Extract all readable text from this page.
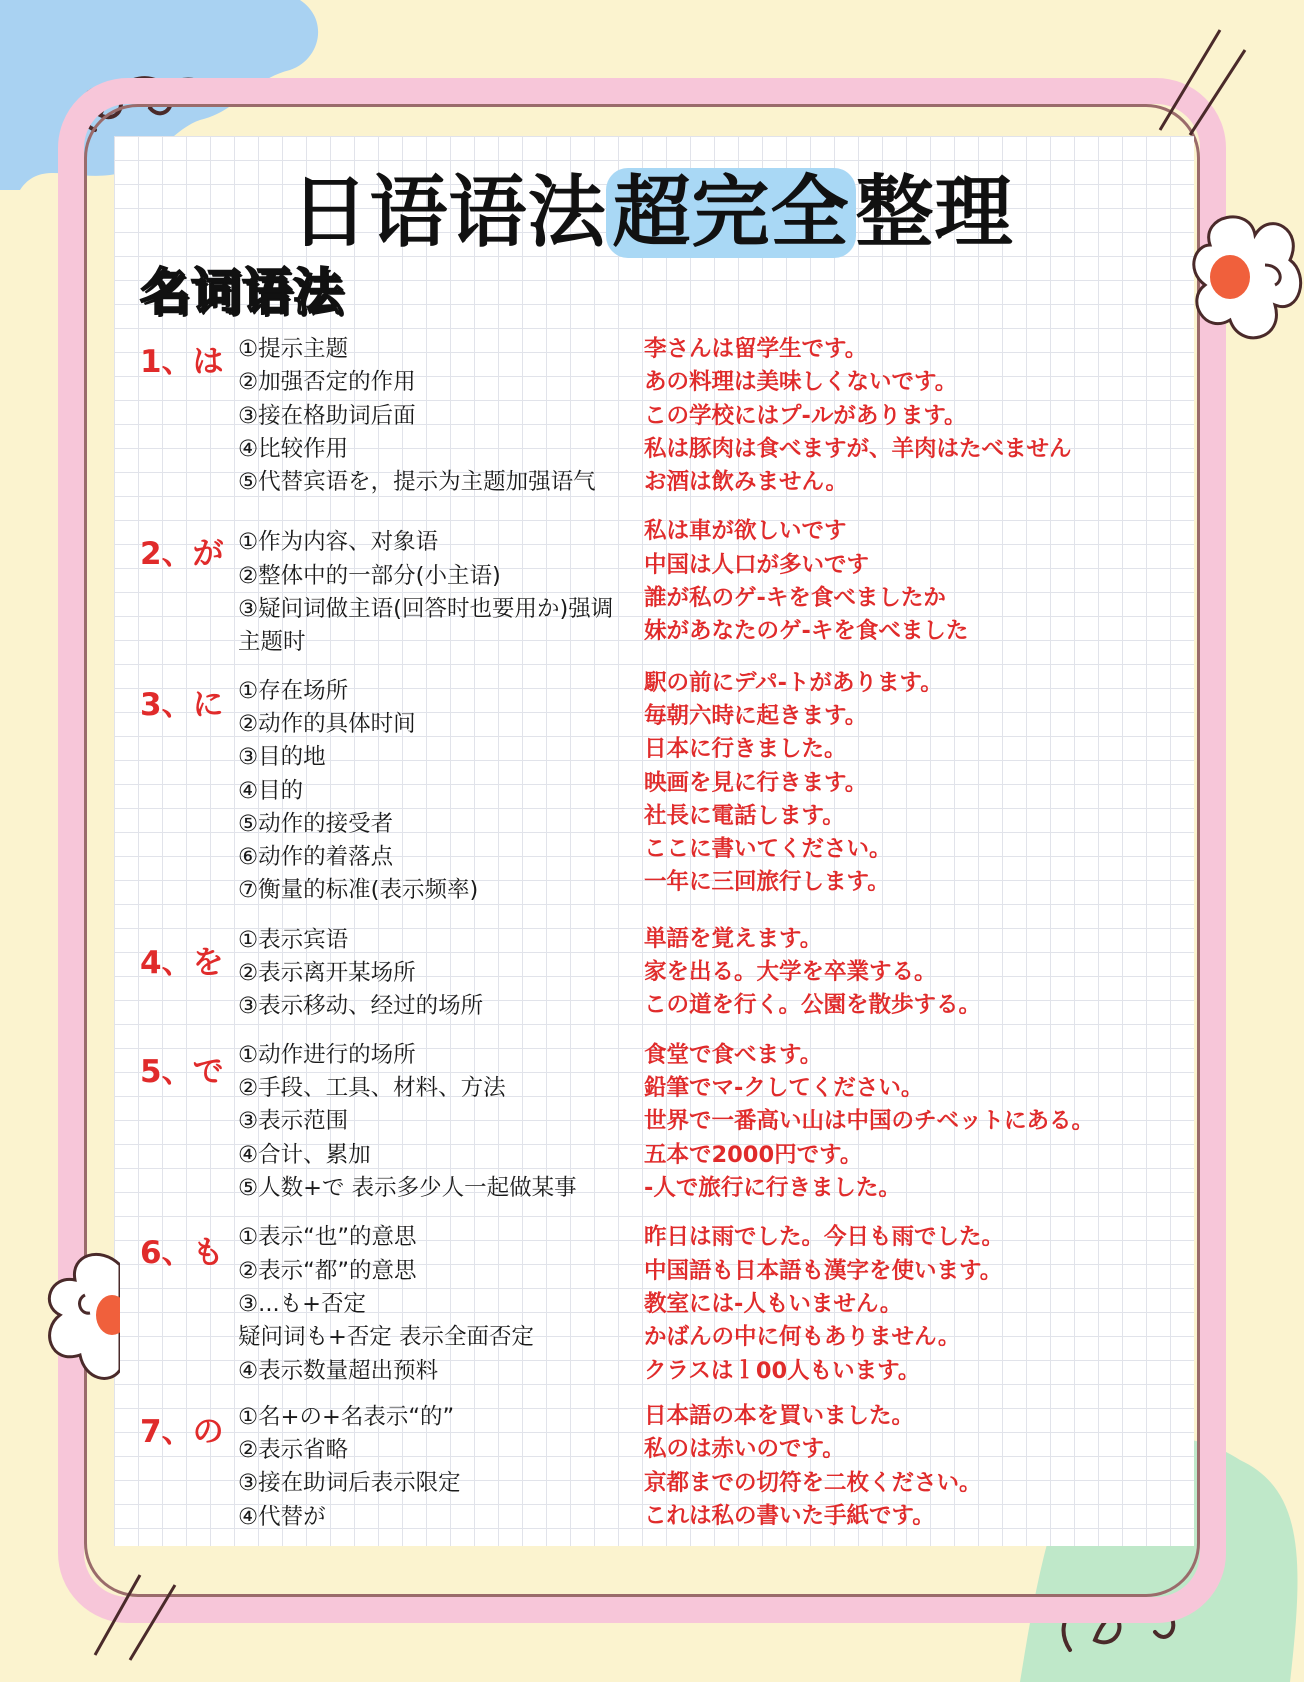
日语语法超完全整理
名词语法
1、は ①提示主题
②加强否定的作用
③接在格助词后面
④比较作用
⑤代替宾语を，提示为主题加强语气
李さんは留学生です。
あの料理は美味しくないです。
この学校にはプ-ルがあります。
私は豚肉は食べますが、羊肉はたべません
お酒は飲みません。
2、が ①作为内容、对象语
②整体中的一部分(小主语)
③疑问词做主语(回答时也要用か)强调
主题时
私は車が欲しいです
中国は人口が多いです
誰が私のゲ-キを食べましたか
妹があなたのゲ-キを食べました
3、に ①存在场所
②动作的具体时间
③目的地
④目的
⑤动作的接受者
⑥动作的着落点
⑦衡量的标准(表示频率)
駅の前にデパ-トがあります。
毎朝六時に起きます。
日本に行きました。
映画を見に行きます。
社長に電話します。
ここに書いてください。
一年に三回旅行します。
4、を
①表示宾语
②表示离开某场所
③表示移动、经过的场所
単語を覚えます。
家を出る。大学を卒業する。
この道を行く。公園を散歩する。
5、で ①动作进行的场所
②手段、工具、材料、方法
③表示范围
④合计、累加
⑤人数+で 表示多少人一起做某事
食堂で食べます。
鉛筆でマ-クしてください。
世界で一番高い山は中国のチベットにある。
五本で2000円です。
-人で旅行に行きました。
6、も ①表示“也”的意思
②表示“都”的意思
③...も+否定
疑问词も+否定 表示全面否定
④表示数量超出预料
昨日は雨でした。今日も雨でした。
中国語も日本語も漢字を使います。
教室には-人もいません。
かばんの中に何もありません。
クラスはｌ00人もいます。
7、の ①名+の+名表示“的”
②表示省略
③接在助词后表示限定
④代替が
日本語の本を買いました。
私のは赤いのです。
京都までの切符を二枚ください。
これは私の書いた手紙です。
